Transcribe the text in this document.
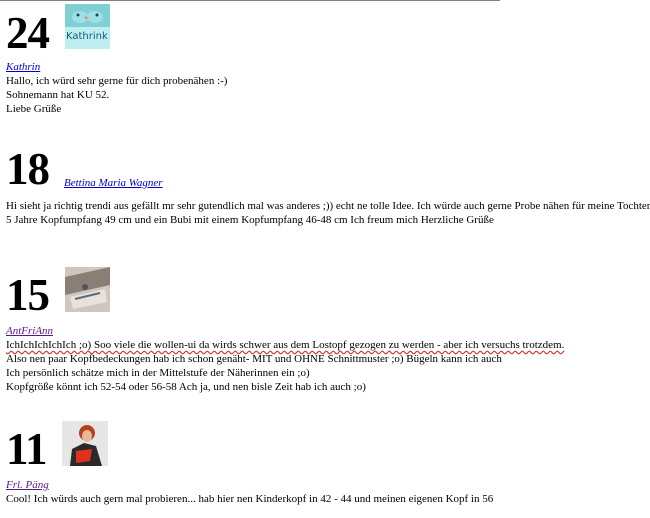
24	Kathrink
Kathrin
Hallo, ich würd sehr gerne für dich probenähen :-)
Sohnemann hat KU 52.
Liebe Grüße
18 Bettina Maria Wagner
Hi sieht ja richtig trendi aus gefällt mr sehr gutendlich mal was anderes ;)) echt ne tolle Idee. Ich würde auch gerne Probe nähen für meine Tochter
5 Jahre Kopfumpfang 49 cm und ein Bubi mit einem Kopfumpfang 46-48 cm Ich freum mich Herzliche Grüße
15
AntFriAnn
IchIchIchIchIch ;o) Soo viele die wollen-ui da wirds schwer aus dem Lostopf gezogen zu werden - aber ich versuchs trotzdem.
Also nen paar Kopfbedeckungen hab ich schon genäht- MIT und OHNE Schnittmuster ;o) Bügeln kann ich auch
Ich persönlich schätze mich in der Mittelstufe der Näherinnen ein ;o)
Kopfgröße könnt ich 52-54 oder 56-58 Ach ja, und nen bisle Zeit hab ich auch ;o)
11
Frl. Päng
Cool! Ich würds auch gern mal probieren... hab hier nen Kinderkopf in 42 - 44 und meinen eigenen Kopf in 56
